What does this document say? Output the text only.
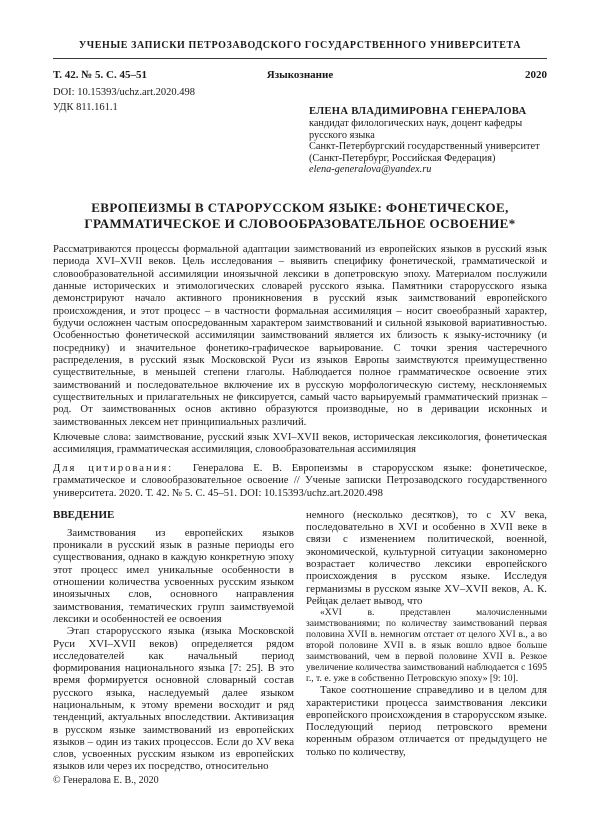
УЧЕНЫЕ ЗАПИСКИ ПЕТРОЗАВОДСКОГО ГОСУДАРСТВЕННОГО УНИВЕРСИТЕТА
Т. 42. № 5. С. 45–51	Языкознание	2020
DOI: 10.15393/uchz.art.2020.498
УДК 811.161.1	ЕЛЕНА ВЛАДИМИРОВНА ГЕНЕРАЛОВА
кандидат филологических наук, доцент кафедры русского языка
Санкт-Петербургский государственный университет
(Санкт-Петербург, Российская Федерация)
elena-generalova@yandex.ru
ЕВРОПЕИЗМЫ В СТАРОРУССКОМ ЯЗЫКЕ: ФОНЕТИЧЕСКОЕ,
ГРАММАТИЧЕСКОЕ И СЛОВООБРАЗОВАТЕЛЬНОЕ ОСВОЕНИЕ*
Рассматриваются процессы формальной адаптации заимствований из европейских языков в русский язык периода XVI–XVII веков. Цель исследования – выявить специфику фонетической, грамматической и словообразовательной ассимиляции иноязычной лексики в допетровскую эпоху. Материалом послужили данные исторических и этимологических словарей русского языка. Памятники старорусского языка демонстрируют начало активного проникновения в русский язык заимствований европейского происхождения, и этот процесс – в частности формальная ассимиляция – носит своеобразный характер, будучи осложнен частым опосредованным характером заимствований и сильной языковой вариативностью. Особенностью фонетической ассимиляции заимствований является их близость к языку-источнику (и посреднику) и значительное фонетико-графическое варьирование. С точки зрения частеречного распределения, в русский язык Московской Руси из языков Европы заимствуются преимущественно существительные, в меньшей степени глаголы. Наблюдается полное грамматическое освоение этих заимствований и последовательное включение их в русскую морфологическую систему, несклоняемых существительных и прилагательных не фиксируется, самый часто варьируемый грамматический признак – род. От заимствованных основ активно образуются производные, но в деривации исконных и заимствованных лексем нет принципиальных различий.
Ключевые слова: заимствование, русский язык XVI–XVII веков, историческая лексикология, фонетическая ассимиляция, грамматическая ассимиляция, словообразовательная ассимиляция
Для цитирования: Генералова Е. В. Европеизмы в старорусском языке: фонетическое, грамматическое и словообразовательное освоение // Ученые записки Петрозаводского государственного университета. 2020. Т. 42. № 5. С. 45–51. DOI: 10.15393/uchz.art.2020.498
ВВЕДЕНИЕ

Заимствования из европейских языков проникали в русский язык в разные периоды его существования, однако в каждую конкретную эпоху этот процесс имел уникальные особенности в отношении количества усвоенных русским языком иноязычных слов, основного направления заимствования, тематических групп заимствуемой лексики и особенностей ее освоения

Этап старорусского языка (языка Московской Руси XVI–XVII веков) определяется рядом исследователей как начальный период формирования национального языка [7: 25]. В это время формируется основной словарный состав русского языка, наследуемый далее языком национальным, к этому времени восходит и ряд тенденций, актуальных впоследствии. Активизация в русском языке заимствований из европейских языков – один из таких процессов. Если до XV века слов, усвоенных русским языком из европейских языков или через их посредство, относительно

немного (несколько десятков), то с XV века, последовательно в XVI и особенно в XVII веке в связи с изменением политической, военной, экономической, культурной ситуации закономерно возрастает количество лексики европейского происхождения в русском языке. Исследуя германизмы в русском языке XV–XVII веков, А. К. Рейцак делает вывод, что

«XVI в. представлен малочисленными заимствованиями; по количеству заимствований первая половина XVII в. немногим отстает от целого XVI в., а во второй половине XVII в. в язык вошло вдвое больше заимствований, чем в первой половине XVII в. Резкое увеличение количества заимствований наблюдается с 1695 г., т. е. уже в собственно Петровскую эпоху» [9: 10].

Такое соотношение справедливо и в целом для характеристики процесса заимствования лексики европейского происхождения в старорусском языке. Последующий период петровского времени коренным образом отличается от предыдущего не только по количеству,

© Генералова Е. В., 2020
